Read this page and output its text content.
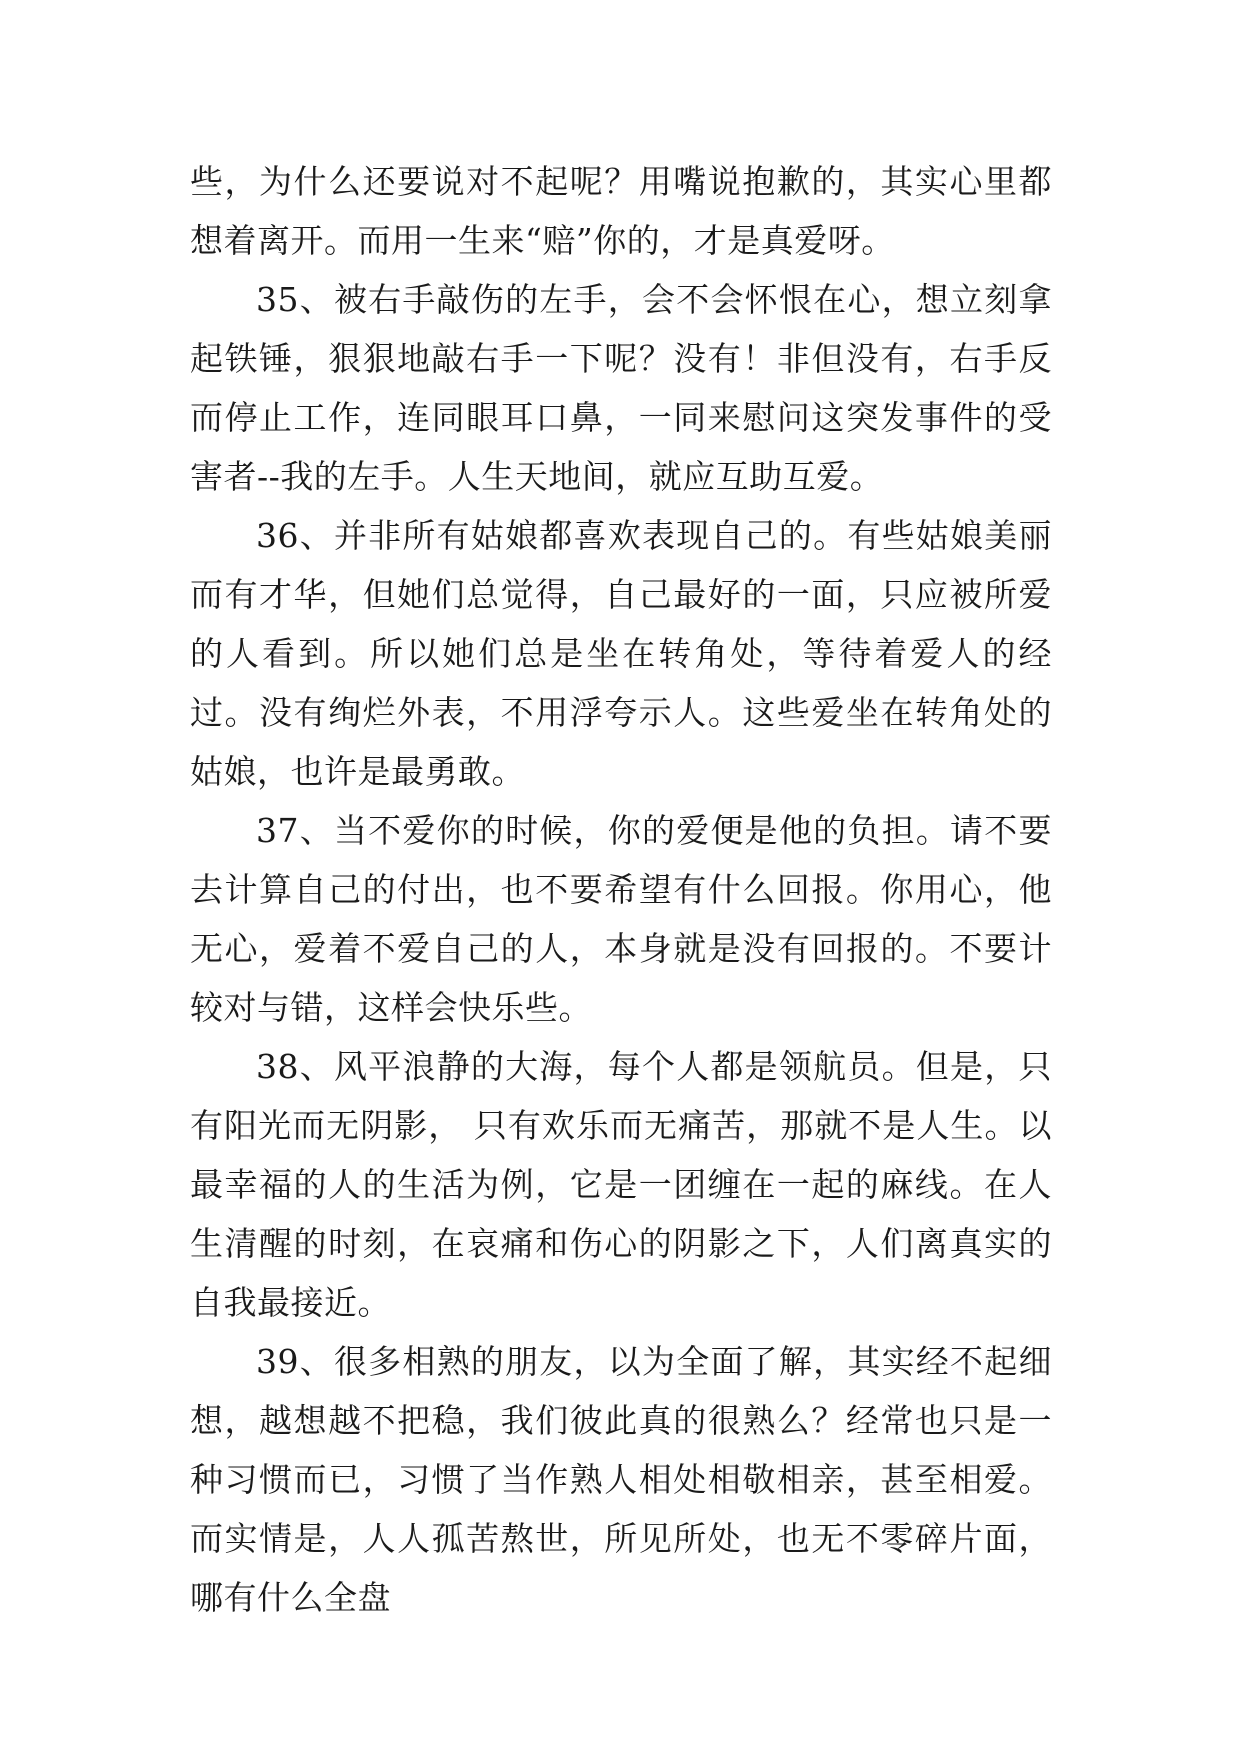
些，为什么还要说对不起呢？用嘴说抱歉的，其实心里都想着离开。而用一生来“赔”你的，才是真爱呀。

35、被右手敲伤的左手，会不会怀恨在心，想立刻拿起铁锤，狠狠地敲右手一下呢？没有！非但没有，右手反而停止工作，连同眼耳口鼻，一同来慰问这突发事件的受害者--我的左手。人生天地间，就应互助互爱。

36、并非所有姑娘都喜欢表现自己的。有些姑娘美丽而有才华，但她们总觉得，自己最好的一面，只应被所爱的人看到。所以她们总是坐在转角处，等待着爱人的经过。没有绚烂外表，不用浮夸示人。这些爱坐在转角处的姑娘，也许是最勇敢。

37、当不爱你的时候，你的爱便是他的负担。请不要去计算自己的付出，也不要希望有什么回报。你用心，他无心，爱着不爱自己的人，本身就是没有回报的。不要计较对与错，这样会快乐些。

38、风平浪静的大海，每个人都是领航员。但是，只有阳光而无阴影， 只有欢乐而无痛苦，那就不是人生。以最幸福的人的生活为例，它是一团缠在一起的麻线。在人生清醒的时刻，在哀痛和伤心的阴影之下，人们离真实的自我最接近。

39、很多相熟的朋友，以为全面了解，其实经不起细想，越想越不把稳，我们彼此真的很熟么？经常也只是一种习惯而已，习惯了当作熟人相处相敬相亲，甚至相爱。而实情是，人人孤苦熬世，所见所处，也无不零碎片面，哪有什么全盘
